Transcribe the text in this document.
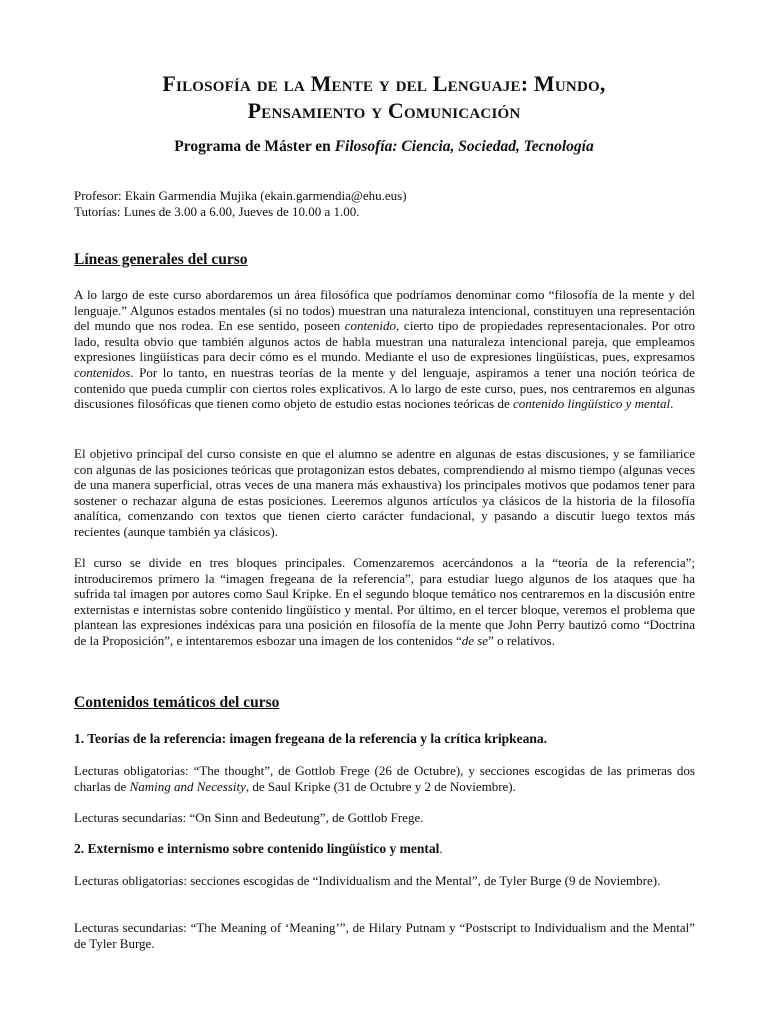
Filosofía de la Mente y del Lenguaje: Mundo,
Pensamiento y Comunicación
Programa de Máster en Filosofía: Ciencia, Sociedad, Tecnología
Profesor: Ekain Garmendia Mujika (ekain.garmendia@ehu.eus)
Tutorías: Lunes de 3.00 a 6.00, Jueves de 10.00 a 1.00.
Líneas generales del curso

A lo largo de este curso abordaremos un área filosófica que podríamos denominar como “filosofía de la mente y del lenguaje.” Algunos estados mentales (si no todos) muestran una naturaleza intencional, constituyen una representación del mundo que nos rodea. En ese sentido, poseen contenido, cierto tipo de propiedades representacionales. Por otro lado, resulta obvio que también algunos actos de habla muestran una naturaleza intencional pareja, que empleamos expresiones lingüísticas para decir cómo es el mundo. Mediante el uso de expresiones lingüísticas, pues, expresamos contenidos. Por lo tanto, en nuestras teorías de la mente y del lenguaje, aspiramos a tener una noción teórica de contenido que pueda cumplir con ciertos roles explicativos. A lo largo de este curso, pues, nos centraremos en algunas discusiones filosóficas que tienen como objeto de estudio estas nociones teóricas de contenido lingüístico y mental.

El objetivo principal del curso consiste en que el alumno se adentre en algunas de estas discusiones, y se familiarice con algunas de las posiciones teóricas que protagonizan estos debates, comprendiendo al mismo tiempo (algunas veces de una manera superficial, otras veces de una manera más exhaustiva) los principales motivos que podamos tener para sostener o rechazar alguna de estas posiciones. Leeremos algunos artículos ya clásicos de la historia de la filosofía analítica, comenzando con textos que tienen cierto carácter fundacional, y pasando a discutir luego textos más recientes (aunque también ya clásicos).

El curso se divide en tres bloques principales. Comenzaremos acercándonos a la “teoría de la referencia”; introduciremos primero la “imagen fregeana de la referencia”, para estudiar luego algunos de los ataques que ha sufrida tal imagen por autores como Saul Kripke. En el segundo bloque temático nos centraremos en la discusión entre externistas e internistas sobre contenido lingüístico y mental. Por último, en el tercer bloque, veremos el problema que plantean las expresiones indéxicas para una posición en filosofía de la mente que John Perry bautizó como “Doctrina de la Proposición”, e intentaremos esbozar una imagen de los contenidos “de se” o relativos.

Contenidos temáticos del curso
1. Teorías de la referencia: imagen fregeana de la referencia y la crítica kripkeana.

Lecturas obligatorias: “The thought”, de Gottlob Frege (26 de Octubre), y secciones escogidas de las primeras dos charlas de Naming and Necessity, de Saul Kripke (31 de Octubre y 2 de Noviembre).

Lecturas secundarias: “On Sinn and Bedeutung”, de Gottlob Frege.

2. Externismo e internismo sobre contenido lingüístico y mental.

Lecturas obligatorias: secciones escogidas de “Individualism and the Mental”, de Tyler Burge (9 de Noviembre).

Lecturas secundarias: “The Meaning of ‘Meaning’”, de Hilary Putnam y “Postscript to Individualism and the Mental” de Tyler Burge.
